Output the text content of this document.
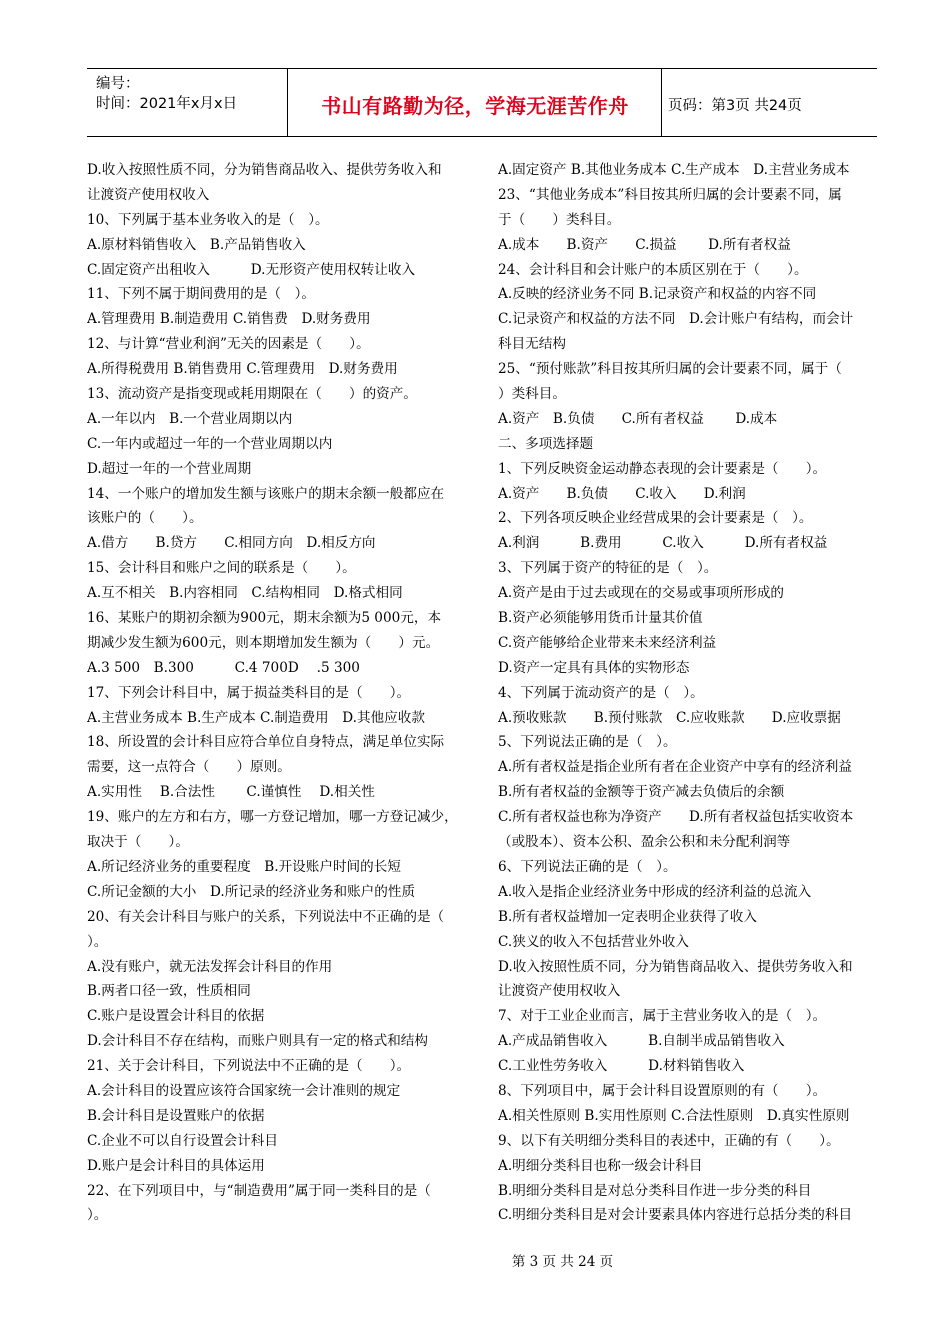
编号：
时间：2021年x月x日	书山有路勤为径，学海无涯苦作舟	页码：第3页 共24页
D.收入按照性质不同，分为销售商品收入、提供劳务收入和
让渡资产使用权收入
10、下列属于基本业务收入的是（　）。
A.原材料销售收入　B.产品销售收入
C.固定资产出租收入　　　D.无形资产使用权转让收入
11、下列不属于期间费用的是（　）。
A.管理费用 B.制造费用 C.销售费　D.财务费用
12、与计算“营业利润”无关的因素是（　　）。
A.所得税费用 B.销售费用 C.管理费用　D.财务费用
13、流动资产是指变现或耗用期限在（　　）的资产。
A.一年以内　B.一个营业周期以内
C.一年内或超过一年的一个营业周期以内
D.超过一年的一个营业周期
14、一个账户的增加发生额与该账户的期末余额一般都应在
该账户的（　　）。
A.借方　　B.贷方　　C.相同方向　D.相反方向
15、会计科目和账户之间的联系是（　　）。
A.互不相关　B.内容相同　C.结构相同　D.格式相同
16、某账户的期初余额为900元，期末余额为5 000元，本
期减少发生额为600元，则本期增加发生额为（　　）元。
A.3 500　B.300　　　C.4 700D　 .5 300
17、下列会计科目中，属于损益类科目的是（　　）。
A.主营业务成本 B.生产成本 C.制造费用　D.其他应收款
18、所设置的会计科目应符合单位自身特点，满足单位实际
需要，这一点符合（　　）原则。
A.实用性　 B.合法性　　 C.谨慎性　 D.相关性
19、账户的左方和右方，哪一方登记增加，哪一方登记减少，
取决于（　　）。
A.所记经济业务的重要程度　B.开设账户时间的长短
C.所记金额的大小　D.所记录的经济业务和账户的性质
20、有关会计科目与账户的关系，下列说法中不正确的是（
）。
A.没有账户，就无法发挥会计科目的作用
B.两者口径一致，性质相同
C.账户是设置会计科目的依据
D.会计科目不存在结构，而账户则具有一定的格式和结构
21、关于会计科目，下列说法中不正确的是（　　）。
A.会计科目的设置应该符合国家统一会计准则的规定
B.会计科目是设置账户的依据
C.企业不可以自行设置会计科目
D.账户是会计科目的具体运用
22、在下列项目中，与“制造费用”属于同一类科目的是（
）。
A.固定资产 B.其他业务成本 C.生产成本　D.主营业务成本
23、“其他业务成本”科目按其所归属的会计要素不同，属
于（　　）类科目。
A.成本　　B.资产　　C.损益　　 D.所有者权益
24、会计科目和会计账户的本质区别在于（　　）。
A.反映的经济业务不同 B.记录资产和权益的内容不同
C.记录资产和权益的方法不同　D.会计账户有结构，而会计
科目无结构
25、“预付账款”科目按其所归属的会计要素不同，属于（
）类科目。
A.资产　B.负债　　C.所有者权益　　 D.成本
二、多项选择题
1、下列反映资金运动静态表现的会计要素是（　　）。
A.资产　　B.负债　　C.收入　　D.利润
2、下列各项反映企业经营成果的会计要素是（　）。
A.利润　　　B.费用　　　C.收入　　　D.所有者权益
3、下列属于资产的特征的是（　）。
A.资产是由于过去或现在的交易或事项所形成的
B.资产必须能够用货币计量其价值
C.资产能够给企业带来未来经济利益
D.资产一定具有具体的实物形态
4、下列属于流动资产的是（　）。
A.预收账款　　B.预付账款　C.应收账款　　D.应收票据
5、下列说法正确的是（　）。
A.所有者权益是指企业所有者在企业资产中享有的经济利益
B.所有者权益的金额等于资产减去负债后的余额
C.所有者权益也称为净资产　　D.所有者权益包括实收资本
（或股本）、资本公积、盈余公积和未分配利润等
6、下列说法正确的是（　）。
A.收入是指企业经济业务中形成的经济利益的总流入
B.所有者权益增加一定表明企业获得了收入
C.狭义的收入不包括营业外收入
D.收入按照性质不同，分为销售商品收入、提供劳务收入和
让渡资产使用权收入
7、对于工业企业而言，属于主营业务收入的是（　）。
A.产成品销售收入　　　B.自制半成品销售收入
C.工业性劳务收入　　　D.材料销售收入
8、下列项目中，属于会计科目设置原则的有（　　）。
A.相关性原则 B.实用性原则 C.合法性原则　D.真实性原则
9、以下有关明细分类科目的表述中，正确的有（　　）。
A.明细分类科目也称一级会计科目
B.明细分类科目是对总分类科目作进一步分类的科目
C.明细分类科目是对会计要素具体内容进行总括分类的科目
第 3 页 共 24 页
